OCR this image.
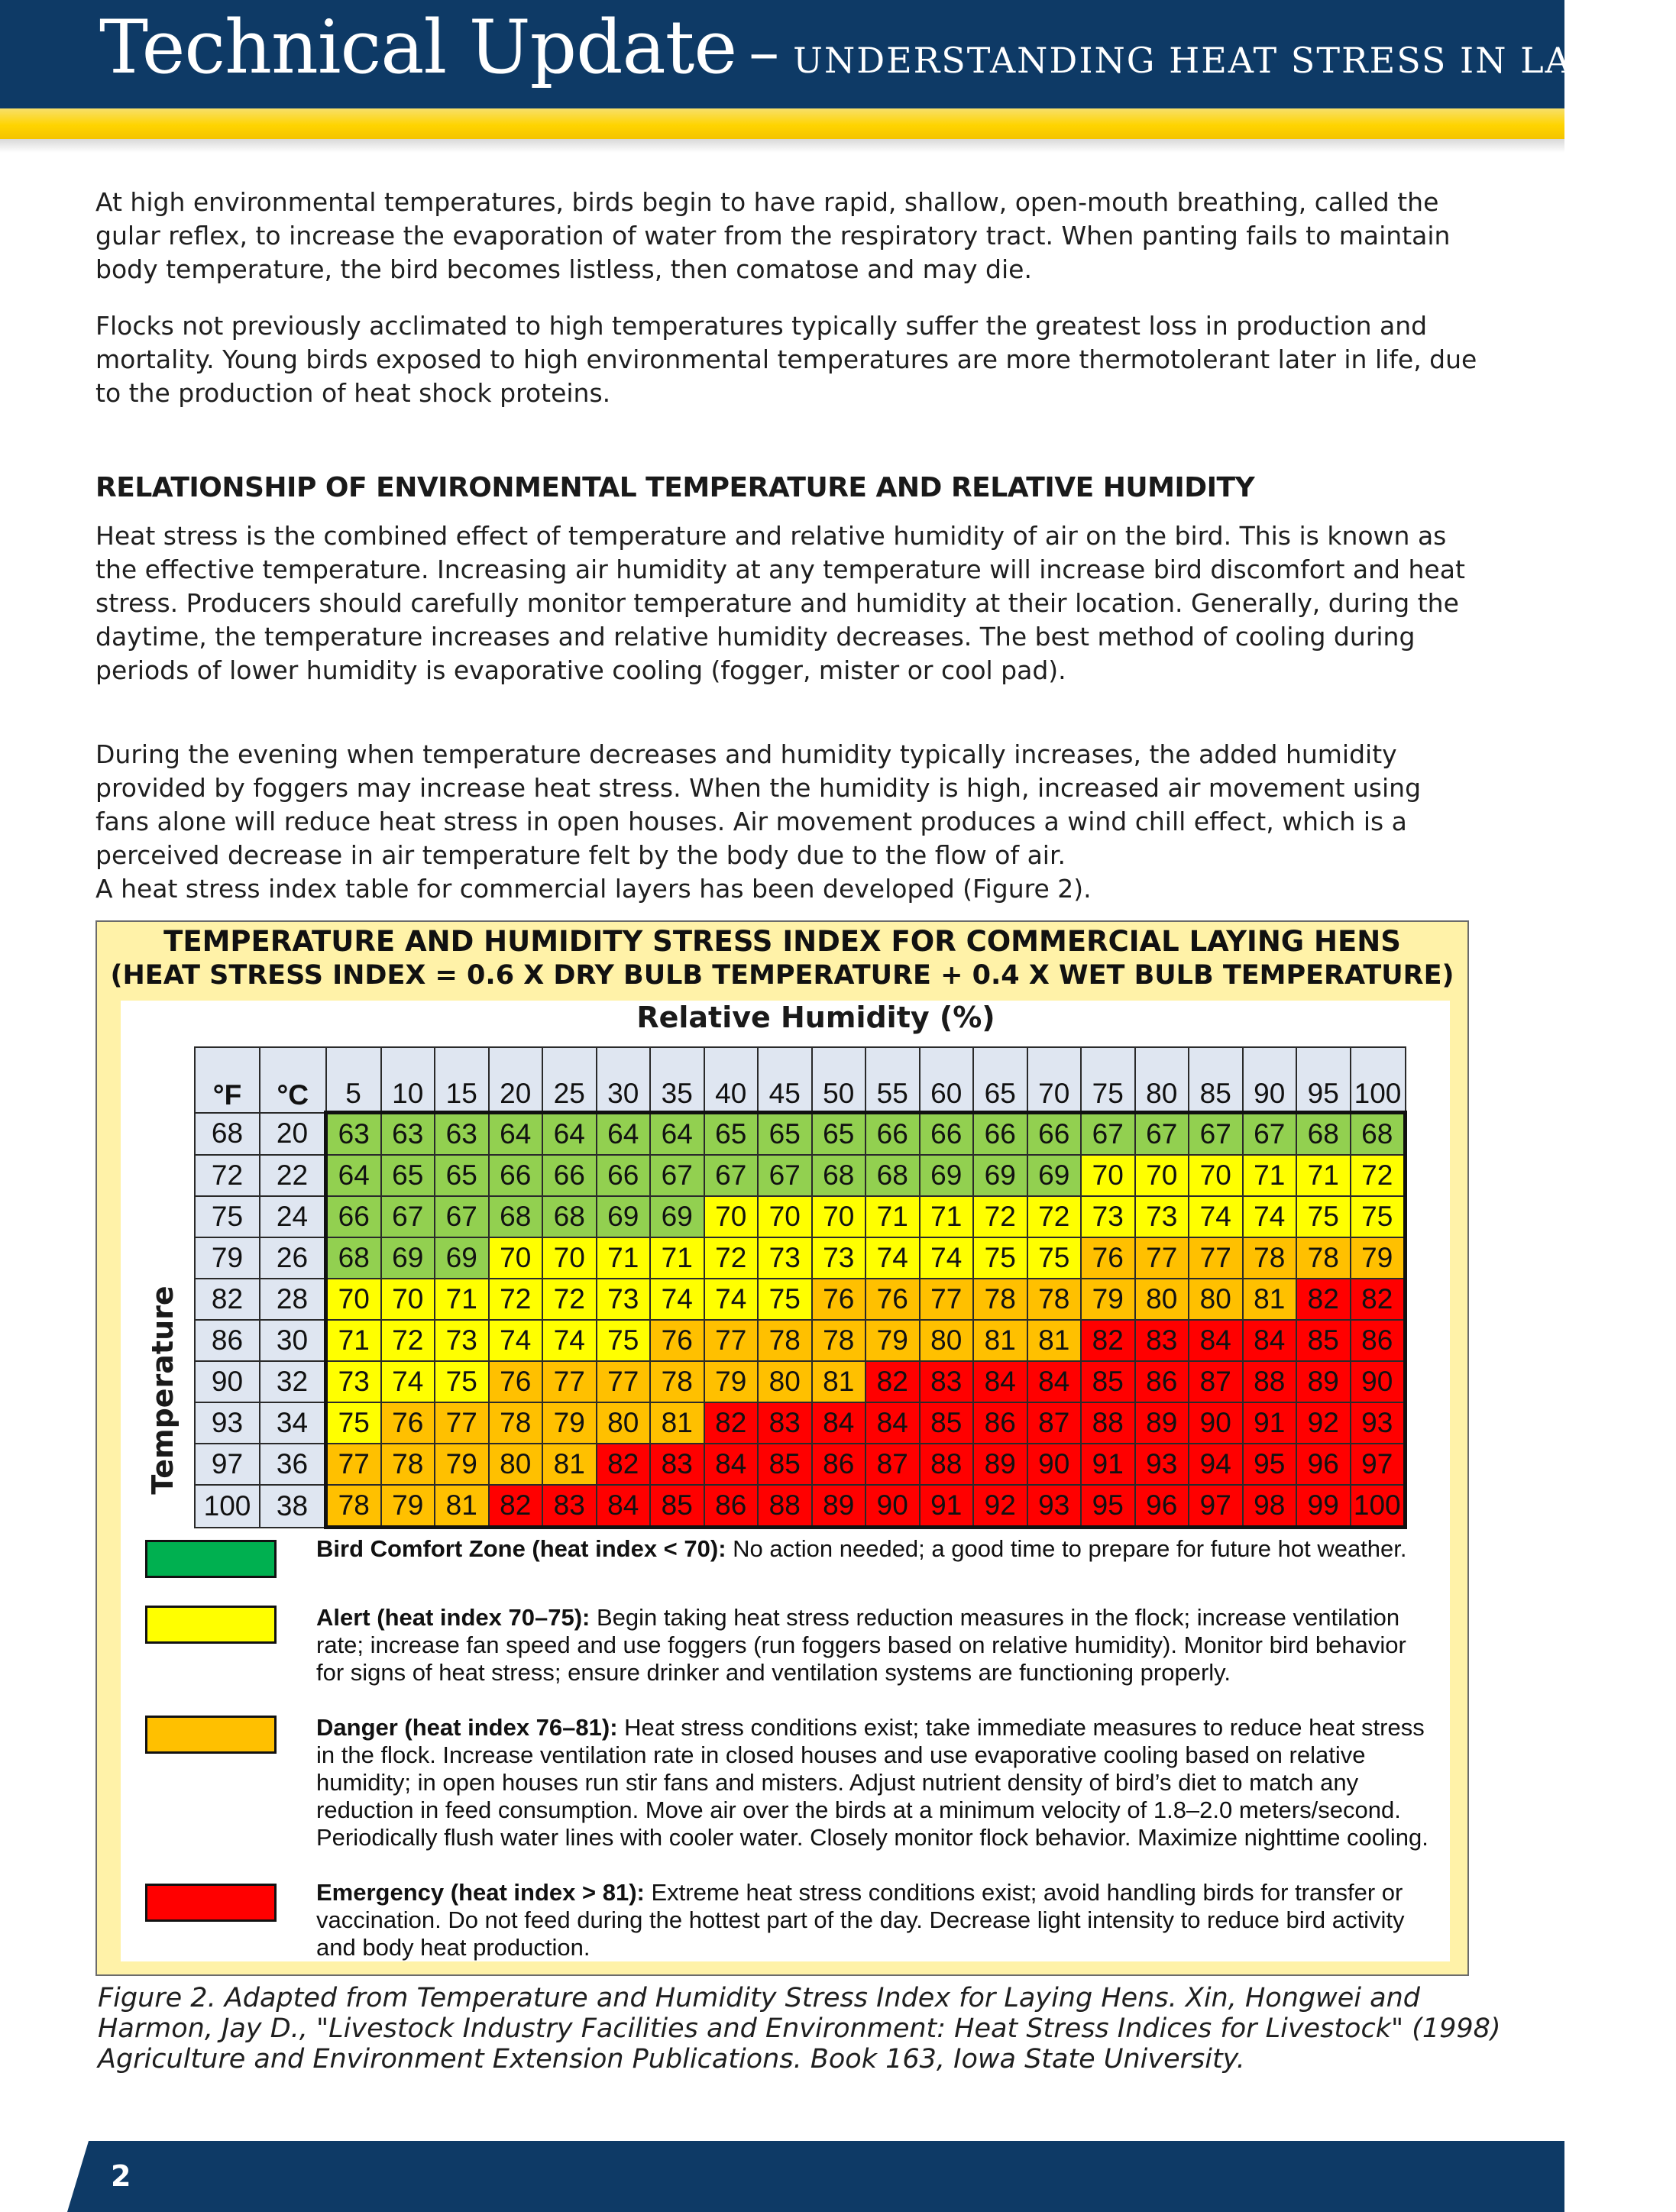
Technical Update – UNDERSTANDING HEAT STRESS IN LAYERS

At high environmental temperatures, birds begin to have rapid, shallow, open-mouth breathing, called the gular reflex, to increase the evaporation of water from the respiratory tract. When panting fails to maintain body temperature, the bird becomes listless, then comatose and may die.

Flocks not previously acclimated to high temperatures typically suffer the greatest loss in production and mortality. Young birds exposed to high environmental temperatures are more thermotolerant later in life, due to the production of heat shock proteins.

RELATIONSHIP OF ENVIRONMENTAL TEMPERATURE AND RELATIVE HUMIDITY

Heat stress is the combined effect of temperature and relative humidity of air on the bird. This is known as the effective temperature. Increasing air humidity at any temperature will increase bird discomfort and heat stress. Producers should carefully monitor temperature and humidity at their location. Generally, during the daytime, the temperature increases and relative humidity decreases. The best method of cooling during periods of lower humidity is evaporative cooling (fogger, mister or cool pad).

During the evening when temperature decreases and humidity typically increases, the added humidity provided by foggers may increase heat stress. When the humidity is high, increased air movement using fans alone will reduce heat stress in open houses. Air movement produces a wind chill effect, which is a perceived decrease in air temperature felt by the body due to the flow of air.

A heat stress index table for commercial layers has been developed (Figure 2).

TEMPERATURE AND HUMIDITY STRESS INDEX FOR COMMERCIAL LAYING HENS
(HEAT STRESS INDEX = 0.6 X DRY BULB TEMPERATURE + 0.4 X WET BULB TEMPERATURE)
Relative Humidity (%)
Temperature
°F	°C	5	10	15	20	25	30	35	40	45	50	55	60	65	70	75	80	85	90	95	100
68	20	63	63	63	64	64	64	64	65	65	65	66	66	66	66	67	67	67	67	68	68
72	22	64	65	65	66	66	66	67	67	67	68	68	69	69	69	70	70	70	71	71	72
75	24	66	67	67	68	68	69	69	70	70	70	71	71	72	72	73	73	74	74	75	75
79	26	68	69	69	70	70	71	71	72	73	73	74	74	75	75	76	77	77	78	78	79
82	28	70	70	71	72	72	73	74	74	75	76	76	77	78	78	79	80	80	81	82	82
86	30	71	72	73	74	74	75	76	77	78	78	79	80	81	81	82	83	84	84	85	86
90	32	73	74	75	76	77	77	78	79	80	81	82	83	84	84	85	86	87	88	89	90
93	34	75	76	77	78	79	80	81	82	83	84	84	85	86	87	88	89	90	91	92	93
97	36	77	78	79	80	81	82	83	84	85	86	87	88	89	90	91	93	94	95	96	97
100	38	78	79	81	82	83	84	85	86	88	89	90	91	92	93	95	96	97	98	99	100
Bird Comfort Zone (heat index < 70): No action needed; a good time to prepare for future hot weather.
Alert (heat index 70–75): Begin taking heat stress reduction measures in the flock; increase ventilation rate; increase fan speed and use foggers (run foggers based on relative humidity). Monitor bird behavior for signs of heat stress; ensure drinker and ventilation systems are functioning properly.
Danger (heat index 76–81): Heat stress conditions exist; take immediate measures to reduce heat stress in the flock. Increase ventilation rate in closed houses and use evaporative cooling based on relative humidity; in open houses run stir fans and misters. Adjust nutrient density of bird’s diet to match any reduction in feed consumption. Move air over the birds at a minimum velocity of 1.8–2.0 meters/second. Periodically flush water lines with cooler water. Closely monitor flock behavior. Maximize nighttime cooling.
Emergency (heat index > 81): Extreme heat stress conditions exist; avoid handling birds for transfer or vaccination. Do not feed during the hottest part of the day. Decrease light intensity to reduce bird activity and body heat production.

Figure 2. Adapted from Temperature and Humidity Stress Index for Laying Hens. Xin, Hongwei and Harmon, Jay D., "Livestock Industry Facilities and Environment: Heat Stress Indices for Livestock" (1998) Agriculture and Environment Extension Publications. Book 163, Iowa State University.

2
